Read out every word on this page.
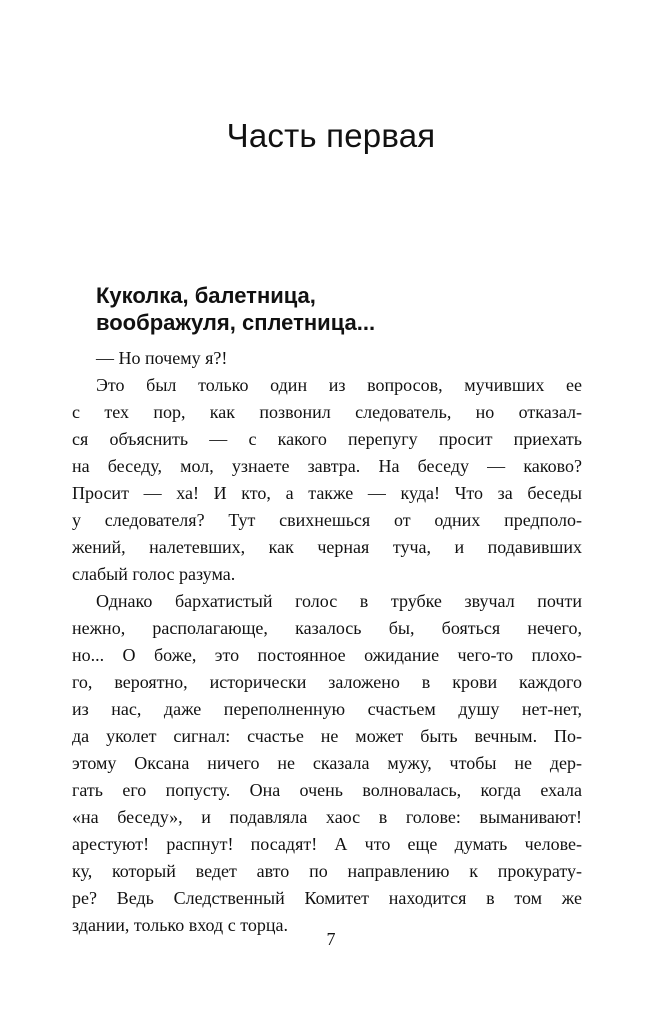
Часть первая
Куколка, балетница,
воображуля, сплетница...
— Но почему я?!
Это был только один из вопросов, мучивших ее
с тех пор, как позвонил следователь, но отказал-
ся объяснить — с какого перепугу просит приехать
на беседу, мол, узнаете завтра. На беседу — каково?
Просит — ха! И кто, а также — куда! Что за беседы
у следователя? Тут свихнешься от одних предполо-
жений, налетевших, как черная туча, и подавивших
слабый голос разума.
Однако бархатистый голос в трубке звучал почти
нежно, располагающе, казалось бы, бояться нечего,
но... О боже, это постоянное ожидание чего-то плохо-
го, вероятно, исторически заложено в крови каждого
из нас, даже переполненную счастьем душу нет-нет,
да уколет сигнал: счастье не может быть вечным. По-
этому Оксана ничего не сказала мужу, чтобы не дер-
гать его попусту. Она очень волновалась, когда ехала
«на беседу», и подавляла хаос в голове: выманивают!
арестуют! распнут! посадят! А что еще думать челове-
ку, который ведет авто по направлению к прокурату-
ре? Ведь Следственный Комитет находится в том же
здании, только вход с торца.
7
